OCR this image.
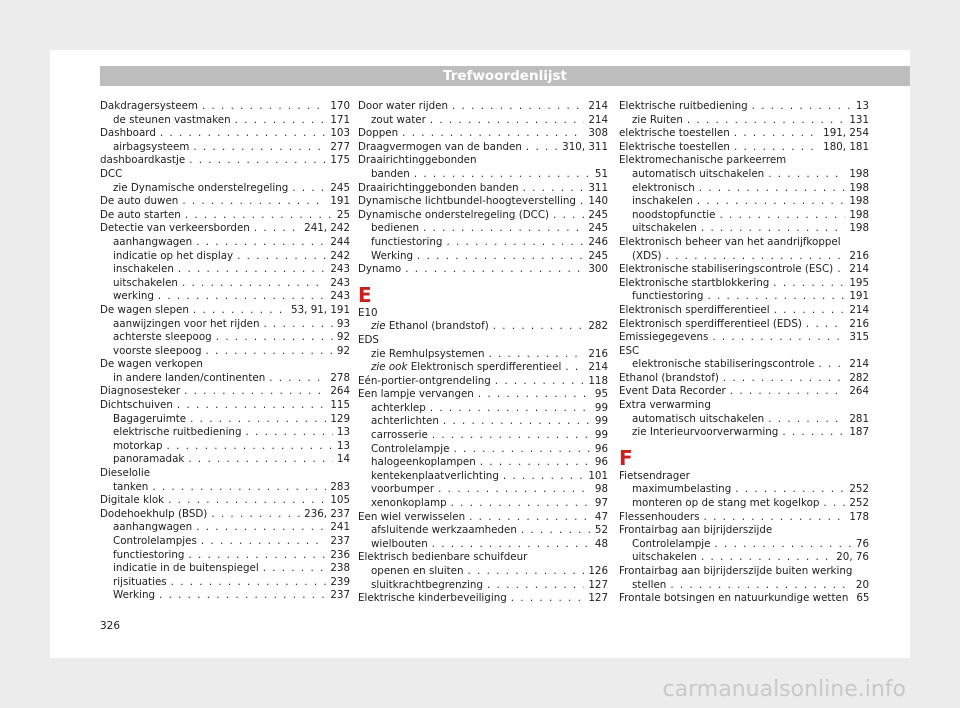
Trefwoordenlijst
Dakdragersysteem . . .	170
de steunen vastmaken . . .	171
Dashboard . . .	103
airbagsysteem . . .	277
dashboardkastje . . .	175
DCC
zie Dynamische onderstelregeling . . .	245
De auto duwen . . .	191
De auto starten . . .	25
Detectie van verkeersborden . . .	241, 242
aanhangwagen . . .	244
indicatie op het display . . .	242
inschakelen . . .	243
uitschakelen . . .	243
werking . . .	243
De wagen slepen . . .	53, 91, 191
aanwijzingen voor het rijden . . .	93
achterste sleepoog . . .	92
voorste sleepoog . . .	92
De wagen verkopen
in andere landen/continenten . . .	278
Diagnosesteker . . .	264
Dichtschuiven . . .	115
Bagageruimte . . .	129
elektrische ruitbediening . . .	13
motorkap . . .	13
panoramadak . . .	14
Dieselolie
tanken . . .	283
Digitale klok . . .	105
Dodehoekhulp (BSD) . . .	236, 237
aanhangwagen . . .	241
Controlelampjes . . .	237
functiestoring . . .	236
indicatie in de buitenspiegel . . .	238
rijsituaties . . .	239
Werking . . .	237
Door water rijden . . .	214
zout water . . .	214
Doppen . . .	308
Draagvermogen van de banden . . .	310, 311
Draairichtinggebonden
banden . . .	51
Draairichtinggebonden banden . . .	311
Dynamische lichtbundel-hoogteverstelling . . . 140
Dynamische onderstelregeling (DCC) . . .	245
bedienen . . .	245
functiestoring . . .	246
Werking . . .	245
Dynamo . . .	300
E
E10
zie Ethanol (brandstof) . . .	282
EDS
zie Remhulpsystemen . . .	216
zie ook Elektronisch sperdifferentieel . . .	214
Eén-portier-ontgrendeling . . .	118
Een lampje vervangen . . .	95
achterklep . . .	99
achterlichten . . .	99
carrosserie . . .	99
Controlelampje . . .	96
halogeenkoplampen . . .	96
kentekenplaatverlichting . . .	101
voorbumper . . .	98
xenonkoplamp . . .	97
Een wiel verwisselen . . .	47
afsluitende werkzaamheden . . .	52
wielbouten . . .	48
Elektrisch bedienbare schuifdeur
openen en sluiten . . .	126
sluitkrachtbegrenzing . . .	127
Elektrische kinderbeveiliging . . .	127
Elektrische ruitbediening . . .	13
zie Ruiten . . .	131
elektrische toestellen . . .	191, 254
Elektrische toestellen . . .	180, 181
Elektromechanische parkeerrem
automatisch uitschakelen . . .	198
elektronisch . . .	198
inschakelen . . .	198
noodstopfunctie . . .	198
uitschakelen . . .	198
Elektronisch beheer van het aandrijfkoppel
(XDS) . . .	216
Elektronische stabiliseringscontrole (ESC) . . . 214
Elektronische startblokkering . . .	195
functiestoring . . .	191
Elektronisch sperdifferentieel . . .	214
Elektronisch sperdifferentieel (EDS) . . .	216
Emissiegegevens . . .	315
ESC
elektronische stabiliseringscontrole . . .	214
Ethanol (brandstof) . . .	282
Event Data Recorder . . .	264
Extra verwarming
automatisch uitschakelen . . .	281
zie Interieurvoorverwarming . . .	187
F
Fietsendrager
maximumbelasting . . .	252
monteren op de stang met kogelkop . . .	252
Flessenhouders . . .	178
Frontairbag aan bijrijderszijde
Controlelampje . . .	76
uitschakelen . . .	20, 76
Frontairbag aan bijrijderszijde buiten werking
stellen . . .	20
Frontale botsingen en natuurkundige wetten 65
326
carmanualsonline.info
